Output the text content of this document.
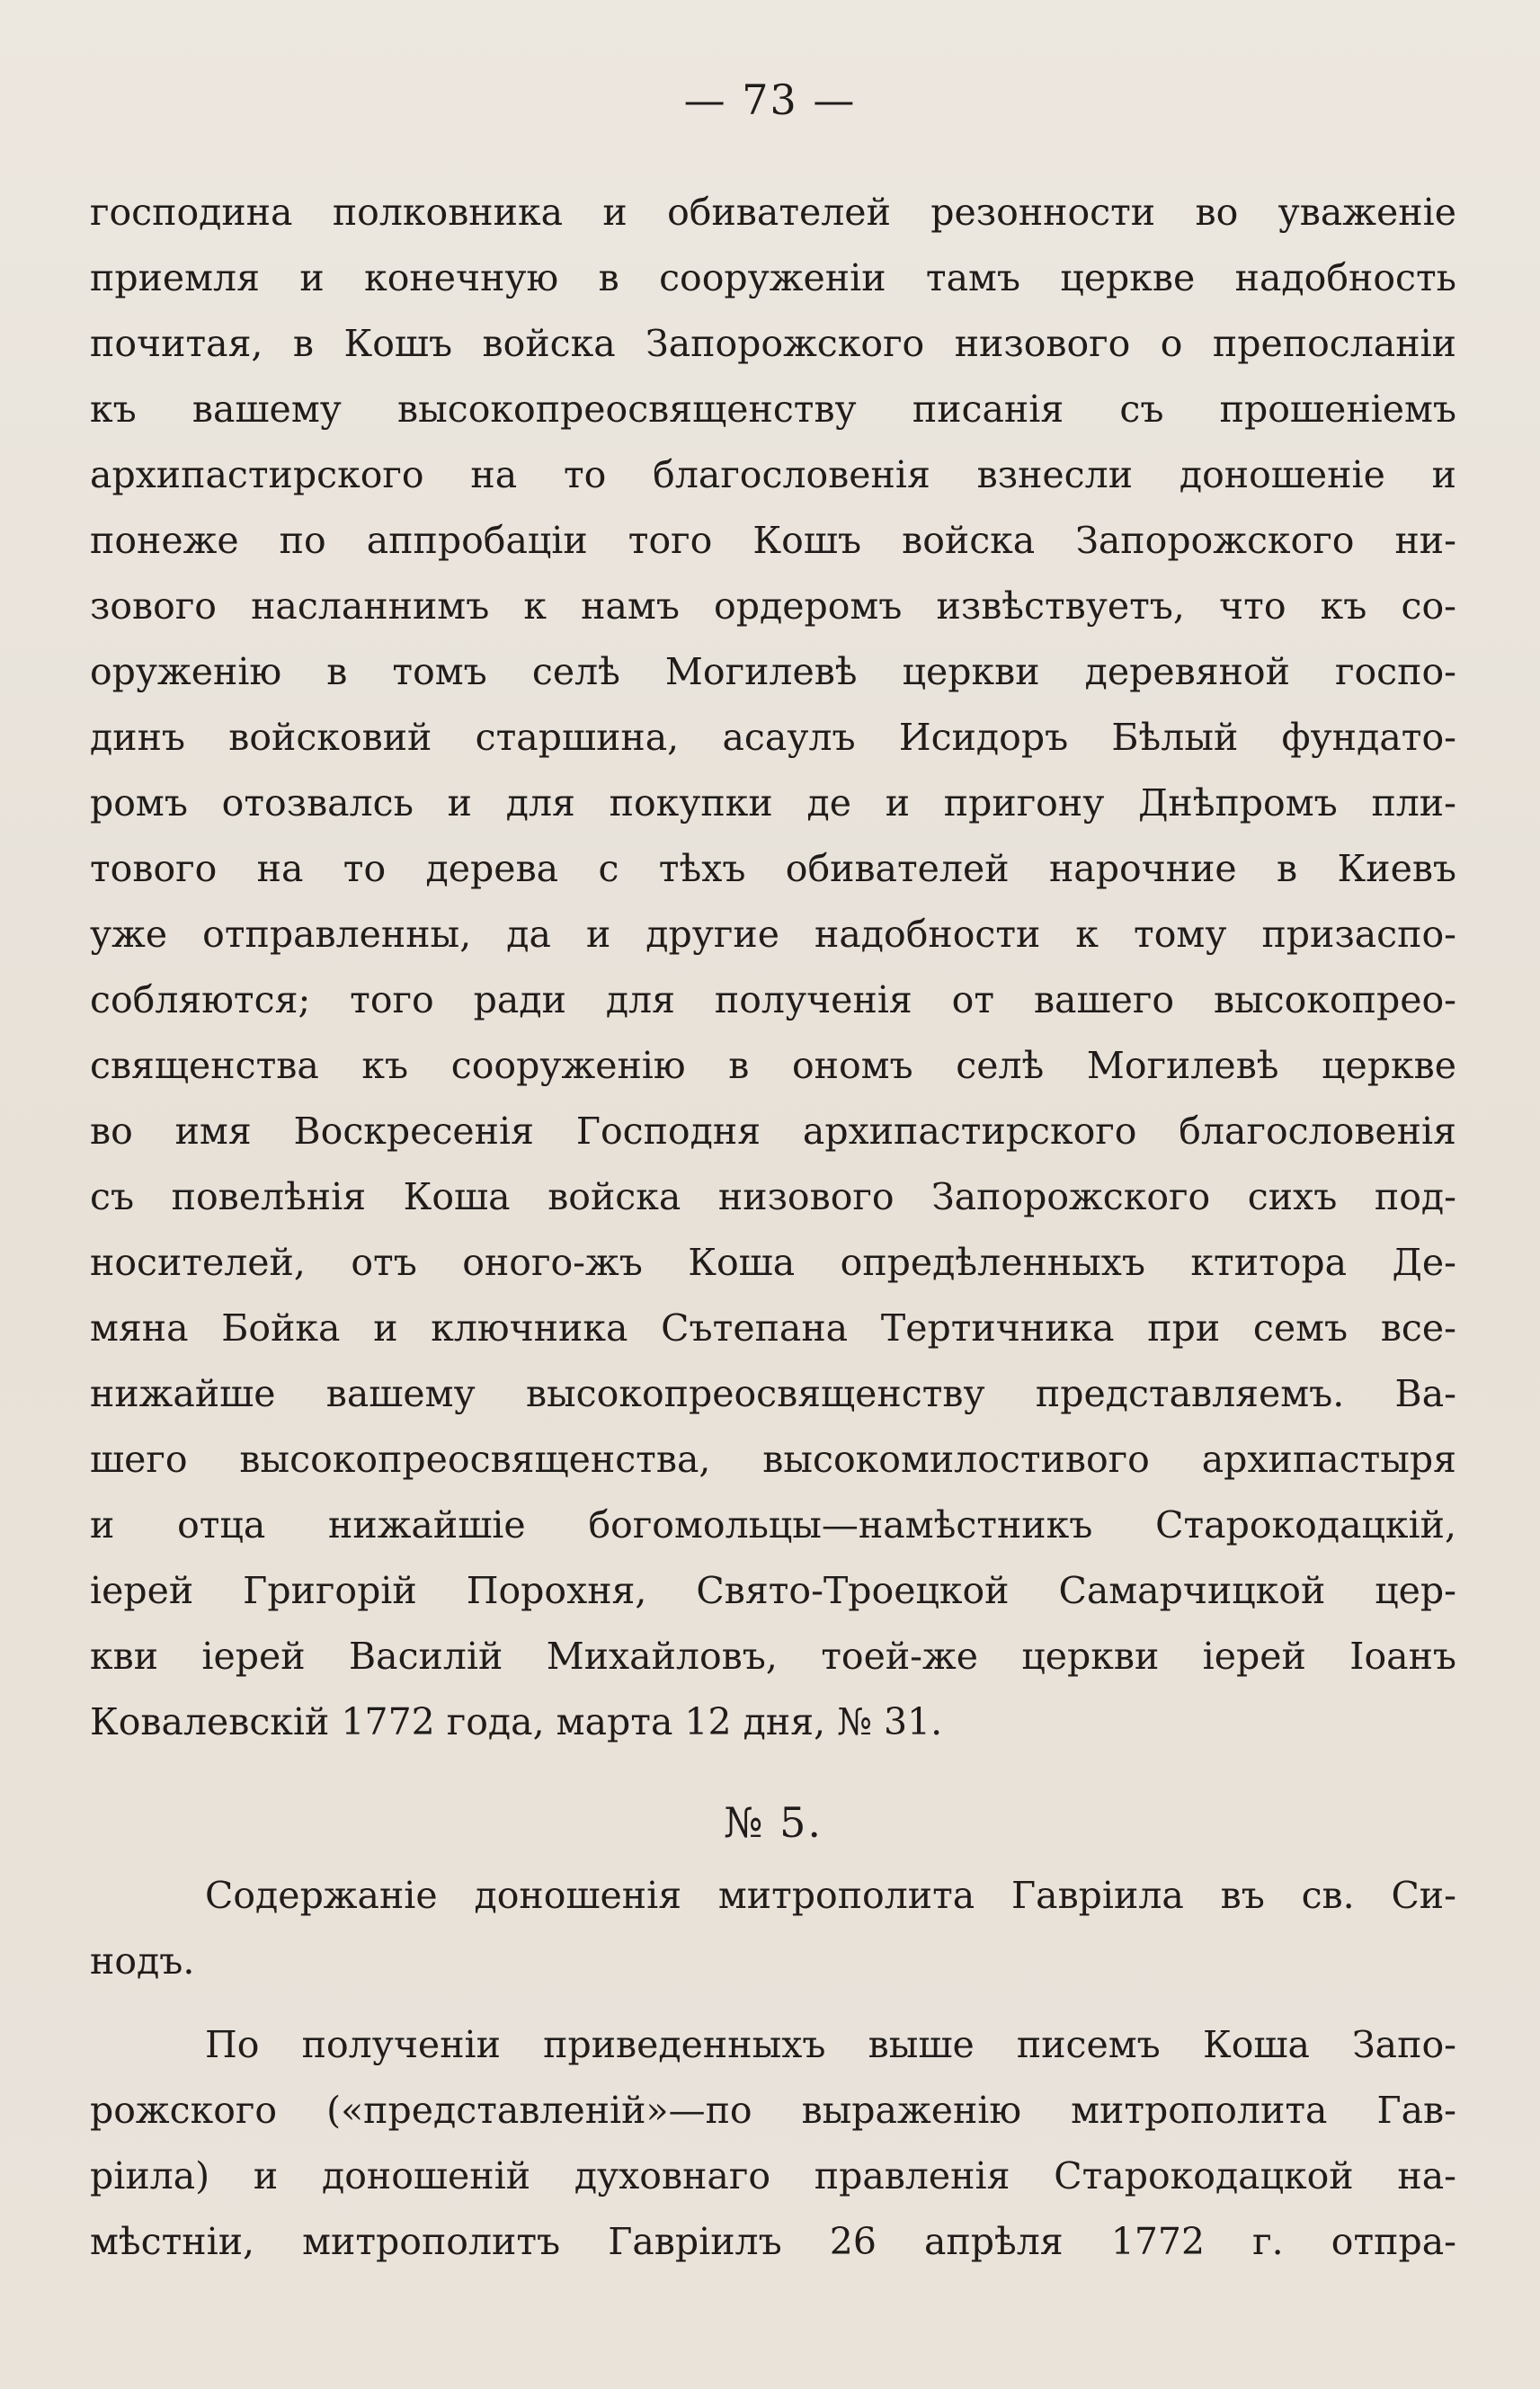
— 73 —
господина полковника и обивателей резонности во уваженіе
приемля и конечную в сооруженіи тамъ церкве надобность
почитая, в Кошъ войска Запорожского низового о препосланіи
къ вашему высокопреосвященству писанія съ прошеніемъ
архипастирского на то благословенія взнесли доношеніе и
понеже по аппробаціи того Кошъ войска Запорожского ни-
зового насланнимъ к намъ ордеромъ извѣствуетъ, что къ со-
оруженію в томъ селѣ Могилевѣ церкви деревяной госпо-
динъ войсковий старшина, асаулъ Исидоръ Бѣлый фундато-
ромъ отозвалсь и для покупки де и пригону Днѣпромъ пли-
тового на то дерева с тѣхъ обивателей нарочние в Киевъ
уже отправленны, да и другие надобности к тому призаспо-
собляются; того ради для полученія от вашего высокопрео-
священства къ сооруженію в ономъ селѣ Могилевѣ церкве
во имя Воскресенія Господня архипастирского благословенія
съ повелѣнія Коша войска низового Запорожского сихъ под-
носителей, отъ оного-жъ Коша опредѣленныхъ ктитора Де-
мяна Бойка и ключника Сътепана Тертичника при семъ все-
нижайше вашему высокопреосвященству представляемъ. Ва-
шего высокопреосвященства, высокомилостивого архипастыря
и отца нижайшіе богомольцы—намѣстникъ Старокодацкій,
іерей Григорій Порохня, Свято-Троецкой Самарчицкой цер-
кви іерей Василій Михайловъ, тоей-же церкви іерей Іоанъ
Ковалевскій 1772 года, марта 12 дня, № 31.
№ 5.
Содержаніе доношенія митрополита Гавріила въ св. Си-
нодъ.
По полученіи приведенныхъ выше писемъ Коша Запо-
рожского («представленій»—по выраженію митрополита Гав-
ріила) и доношеній духовнаго правленія Старокодацкой на-
мѣстніи, митрополитъ Гавріилъ 26 апрѣля 1772 г. отпра-
